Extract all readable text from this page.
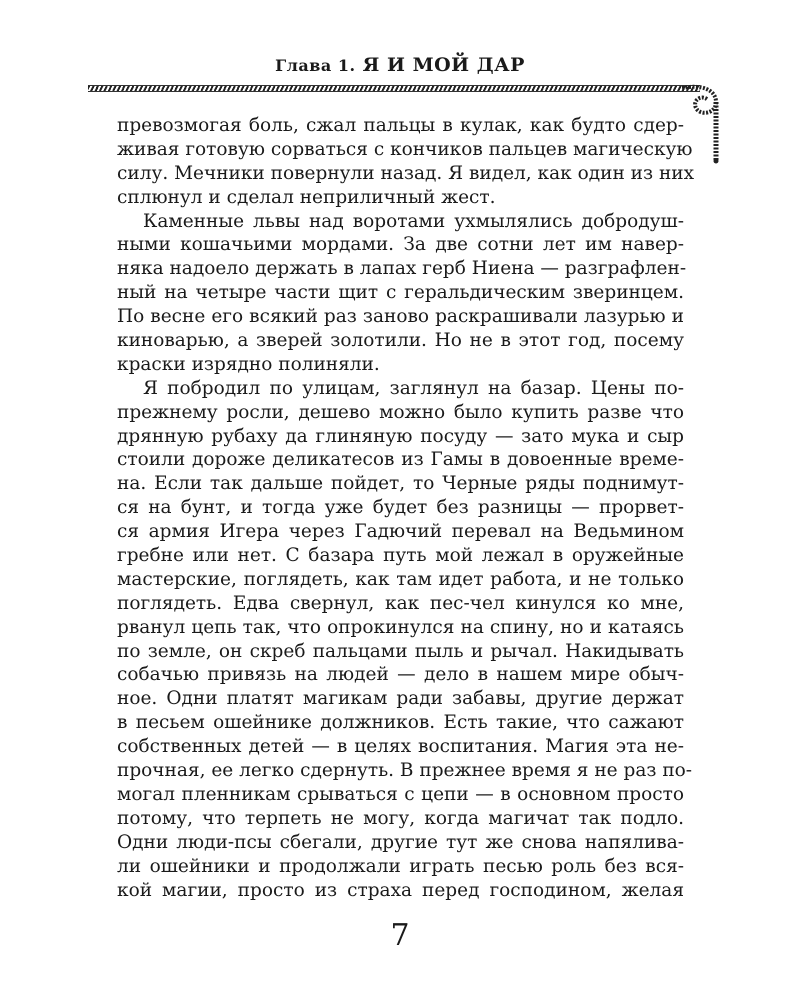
Глава 1. Я И МОЙ ДАР
превозмогая боль, сжал пальцы в кулак, как будто сдер-
живая готовую сорваться с кончиков пальцев магическую
силу. Мечники повернули назад. Я видел, как один из них
сплюнул и сделал неприличный жест.
Каменные львы над воротами ухмылялись добродуш-
ными кошачьими мордами. За две сотни лет им навер-
няка надоело держать в лапах герб Ниена — разграфлен-
ный на четыре части щит с геральдическим зверинцем.
По весне его всякий раз заново раскрашивали лазурью и
киноварью, а зверей золотили. Но не в этот год, посему
краски изрядно полиняли.
Я побродил по улицам, заглянул на базар. Цены по-
прежнему росли, дешево можно было купить разве что
дрянную рубаху да глиняную посуду — зато мука и сыр
стоили дороже деликатесов из Гамы в довоенные време-
на. Если так дальше пойдет, то Черные ряды поднимут-
ся на бунт, и тогда уже будет без разницы — прорвет-
ся армия Игера через Гадючий перевал на Ведьмином
гребне или нет. С базара путь мой лежал в оружейные
мастерские, поглядеть, как там идет работа, и не только
поглядеть. Едва свернул, как пес-чел кинулся ко мне,
рванул цепь так, что опрокинулся на спину, но и катаясь
по земле, он скреб пальцами пыль и рычал. Накидывать
собачью привязь на людей — дело в нашем мире обыч-
ное. Одни платят магикам ради забавы, другие держат
в песьем ошейнике должников. Есть такие, что сажают
собственных детей — в целях воспитания. Магия эта не-
прочная, ее легко сдернуть. В прежнее время я не раз по-
могал пленникам срываться с цепи — в основном просто
потому, что терпеть не могу, когда магичат так подло.
Одни люди-псы сбегали, другие тут же снова напялива-
ли ошейники и продолжали играть песью роль без вся-
кой магии, просто из страха перед господином, желая
7
